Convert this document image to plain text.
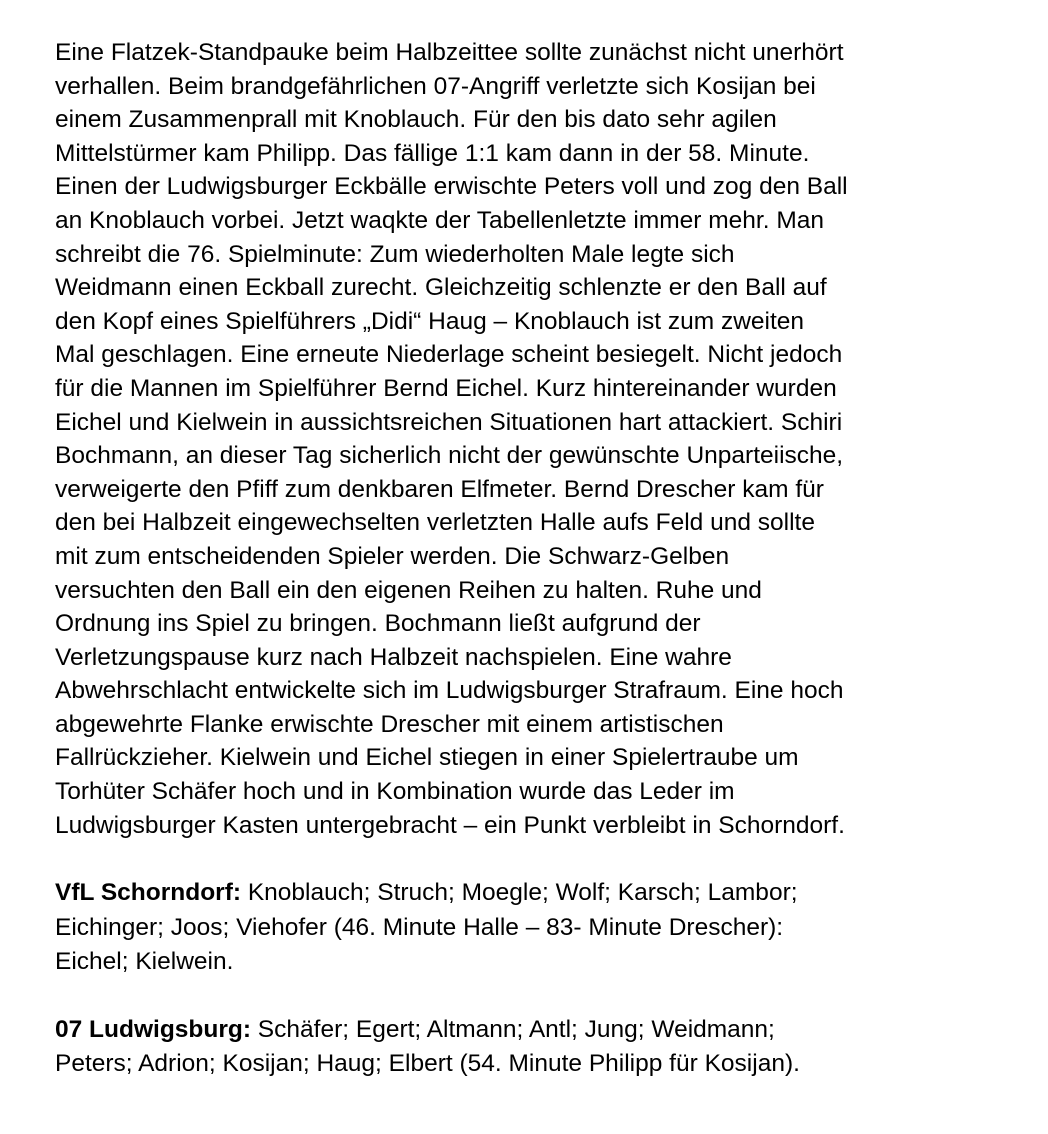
Eine Flatzek-Standpauke beim Halbzeittee sollte zunächst nicht unerhört
verhallen. Beim brandgefährlichen 07-Angriff verletzte sich Kosijan bei
einem Zusammenprall mit Knoblauch. Für den bis dato sehr agilen
Mittelstürmer kam Philipp. Das fällige 1:1 kam dann in der 58. Minute.
Einen der Ludwigsburger Eckbälle erwischte Peters voll und zog den Ball
an Knoblauch vorbei. Jetzt waqkte der Tabellenletzte immer mehr. Man
schreibt die 76. Spielminute: Zum wiederholten Male legte sich
Weidmann einen Eckball zurecht. Gleichzeitig schlenzte er den Ball auf
den Kopf eines Spielführers „Didi“ Haug – Knoblauch ist zum zweiten
Mal geschlagen. Eine erneute Niederlage scheint besiegelt. Nicht jedoch
für die Mannen im Spielführer Bernd Eichel. Kurz hintereinander wurden
Eichel und Kielwein in aussichtsreichen Situationen hart attackiert. Schiri
Bochmann, an dieser Tag sicherlich nicht der gewünschte Unparteiische,
verweigerte den Pfiff zum denkbaren Elfmeter. Bernd Drescher kam für
den bei Halbzeit eingewechselten verletzten Halle aufs Feld und sollte
mit zum entscheidenden Spieler werden. Die Schwarz-Gelben
versuchten den Ball ein den eigenen Reihen zu halten. Ruhe und
Ordnung ins Spiel zu bringen. Bochmann ließt aufgrund der
Verletzungspause kurz nach Halbzeit nachspielen. Eine wahre
Abwehrschlacht entwickelte sich im Ludwigsburger Strafraum. Eine hoch
abgewehrte Flanke erwischte Drescher mit einem artistischen
Fallrückzieher. Kielwein und Eichel stiegen in einer Spielertraube um
Torhüter Schäfer hoch und in Kombination wurde das Leder im
Ludwigsburger Kasten untergebracht – ein Punkt verbleibt in Schorndorf.

VfL Schorndorf: Knoblauch; Struch; Moegle; Wolf; Karsch; Lambor;
Eichinger; Joos; Viehofer (46. Minute Halle – 83- Minute Drescher):
Eichel; Kielwein.

07 Ludwigsburg: Schäfer; Egert; Altmann; Antl; Jung; Weidmann;
Peters; Adrion; Kosijan; Haug; Elbert (54. Minute Philipp für Kosijan).
